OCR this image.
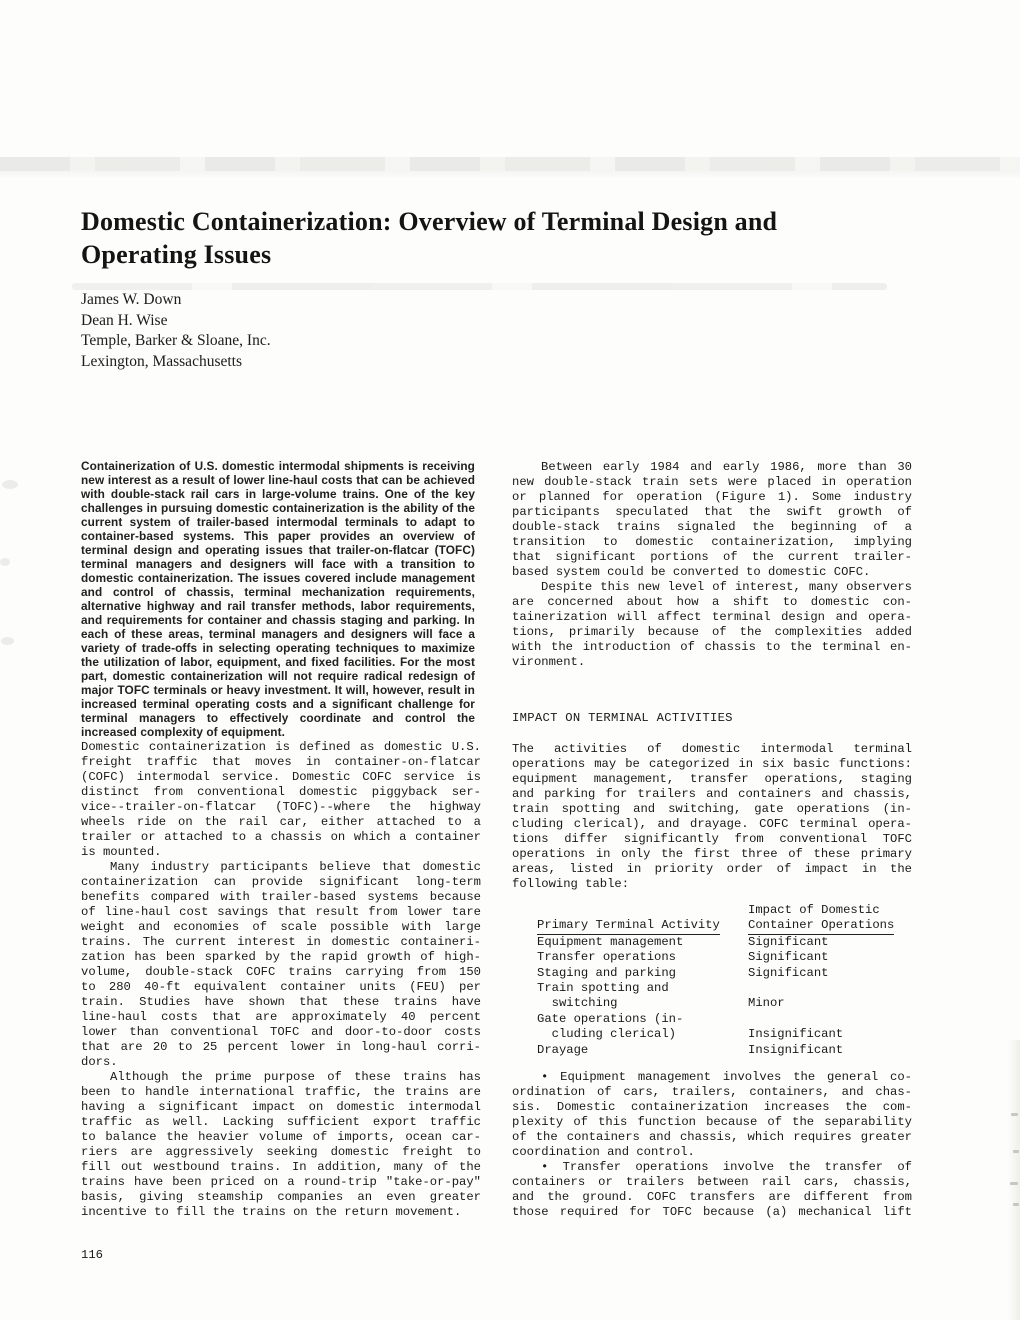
Domestic Containerization: Overview of Terminal Design and
Operating Issues
James W. Down
Dean H. Wise
Temple, Barker & Sloane, Inc.
Lexington, Massachusetts
Containerization of U.S. domestic intermodal shipments is receiving new interest as a result of lower line-haul costs that can be achieved with double-stack rail cars in large-volume trains. One of the key challenges in pursuing domestic containerization is the ability of the current system of trailer-based intermodal terminals to adapt to container-based systems. This paper provides an overview of terminal design and operating issues that trailer-on-flatcar (TOFC) terminal managers and designers will face with a transition to domestic containerization. The issues covered include management and control of chassis, terminal mechanization requirements, alternative highway and rail transfer methods, labor requirements, and requirements for container and chassis staging and parking. In each of these areas, terminal managers and designers will face a variety of trade-offs in selecting operating techniques to maximize the utilization of labor, equipment, and fixed facilities. For the most part, domestic containerization will not require radical redesign of major TOFC terminals or heavy investment. It will, however, result in increased terminal operating costs and a significant challenge for terminal managers to effectively coordinate and control the increased complexity of equipment.
Domestic containerization is defined as domestic U.S.
freight traffic that moves in container-on-flatcar
(COFC) intermodal service. Domestic COFC service is
distinct from conventional domestic piggyback ser-
vice--trailer-on-flatcar (TOFC)--where the highway
wheels ride on the rail car, either attached to a
trailer or attached to a chassis on which a container
is mounted.
Many industry participants believe that domestic
containerization can provide significant long-term
benefits compared with trailer-based systems because
of line-haul cost savings that result from lower tare
weight and economies of scale possible with large
trains. The current interest in domestic containeri-
zation has been sparked by the rapid growth of high-
volume, double-stack COFC trains carrying from 150
to 280 40-ft equivalent container units (FEU) per
train. Studies have shown that these trains have
line-haul costs that are approximately 40 percent
lower than conventional TOFC and door-to-door costs
that are 20 to 25 percent lower in long-haul corri-
dors.
Although the prime purpose of these trains has
been to handle international traffic, the trains are
having a significant impact on domestic intermodal
traffic as well. Lacking sufficient export traffic
to balance the heavier volume of imports, ocean car-
riers are aggressively seeking domestic freight to
fill out westbound trains. In addition, many of the
trains have been priced on a round-trip "take-or-pay"
basis, giving steamship companies an even greater
incentive to fill the trains on the return movement.
Between early 1984 and early 1986, more than 30
new double-stack train sets were placed in operation
or planned for operation (Figure 1). Some industry
participants speculated that the swift growth of
double-stack trains signaled the beginning of a
transition to domestic containerization, implying
that significant portions of the current trailer-
based system could be converted to domestic COFC.
Despite this new level of interest, many observers
are concerned about how a shift to domestic con-
tainerization will affect terminal design and opera-
tions, primarily because of the complexities added
with the introduction of chassis to the terminal en-
vironment.
IMPACT ON TERMINAL ACTIVITIES
The activities of domestic intermodal terminal
operations may be categorized in six basic functions:
equipment management, transfer operations, staging
and parking for trailers and containers and chassis,
train spotting and switching, gate operations (in-
cluding clerical), and drayage. COFC terminal opera-
tions differ significantly from conventional TOFC
operations in only the first three of these primary
areas, listed in priority order of impact in the
following table:
Impact of Domestic
Primary Terminal Activity	Container Operations
Equipment management	Significant
Transfer operations	Significant
Staging and parking	Significant
Train spotting and
switching	Minor
Gate operations (in-
cluding clerical)	Insignificant
Drayage	Insignificant
• Equipment management involves the general co-
ordination of cars, trailers, containers, and chas-
sis. Domestic containerization increases the com-
plexity of this function because of the separability
of the containers and chassis, which requires greater
coordination and control.
• Transfer operations involve the transfer of
containers or trailers between rail cars, chassis,
and the ground. COFC transfers are different from
those required for TOFC because (a) mechanical lift
116
